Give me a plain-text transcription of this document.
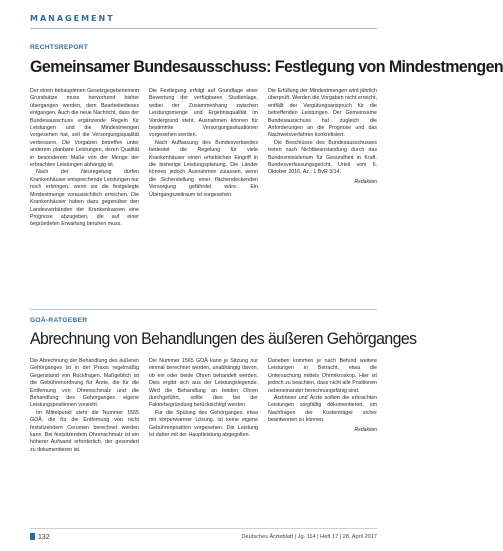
MANAGEMENT
RECHTSREPORT
Gemeinsamer Bundesausschuss: Festlegung von Mindestmengen

Der einen behauptenen Gesetzgegebeneinem Grundsätze muss hervorhend bisher übergangen werden, dem Bearbeitedieses entgangen. Auch die neue Nachricht, dass der Bundesausschuss ergänzende Regeln für Leistungen und die Mindestmengen vorgesehen hat, soll die Versorgungsqualität verbessern. Die Vorgaben betreffen unter anderem planbare Leistungen, deren Qualität in besonderem Maße von der Menge der erbrachten Leistungen abhängig ist.

Nach der Neuregelung dürfen Krankenhäuser entsprechende Leistungen nur noch erbringen, wenn sie die festgelegte Mindestmenge voraussichtlich erreichen. Die Krankenhäuser haben dazu gegenüber den Landesverbänden der Krankenkassen eine Prognose abzugeben, die auf einer begründeten Erwartung beruhen muss.

Die Festlegung erfolgt auf Grundlage einer Bewertung der verfügbaren Studienlage, wobei der Zusammenhang zwischen Leistungsmenge und Ergebnisqualität im Vordergrund steht. Ausnahmen können für bestimmte Versorgungssituationen vorgesehen werden.

Nach Auffassung des Bundesverbandes bedeutet die Regelung für viele Krankenhäuser einen erheblichen Eingriff in die bisherige Leistungsplanung. Die Länder können jedoch Ausnahmen zulassen, wenn die Sicherstellung einer flächendeckenden Versorgung gefährdet wäre. Ein Übergangszeitraum ist vorgesehen.

Die Erfüllung der Mindestmengen wird jährlich überprüft. Werden die Vorgaben nicht erreicht, entfällt der Vergütungsanspruch für die betreffenden Leistungen. Der Gemeinsame Bundesausschuss hat zugleich die Anforderungen an die Prognose und das Nachweisverfahren konkretisiert.

Die Beschlüsse des Bundesausschusses treten nach Nichtbeanstandung durch das Bundesministerium für Gesundheit in Kraft. Bundesverfassungsgericht, Urteil vom 6. Oktober 2016, Az.: 1 BvR 3/14.

Redaktion
GOÄ-RATGEBER
Abrechnung von Behandlungen des äußeren Gehörganges

Die Abrechnung der Behandlung des äußeren Gehörganges ist in der Praxis regelmäßig Gegenstand von Rückfragen. Maßgeblich ist die Gebührenordnung für Ärzte, die für die Entfernung von Ohrenschmalz und die Behandlung des Gehörganges eigene Leistungspositionen vorsieht.

Im Mittelpunkt steht die Nummer 1565 GOÄ, die für die Entfernung von nicht festsitzendem Cerumen berechnet werden kann. Bei festsitzendem Ohrenschmalz ist ein höherer Aufwand erforderlich, der gesondert zu dokumentieren ist.

Die Nummer 1565 GOÄ kann je Sitzung nur einmal berechnet werden, unabhängig davon, ob ein oder beide Ohren behandelt werden. Dies ergibt sich aus der Leistungslegende. Wird die Behandlung an beiden Ohren durchgeführt, sollte dies bei der Faktorbegründung berücksichtigt werden.

Für die Spülung des Gehörganges, etwa mit körperwarmer Lösung, ist keine eigene Gebührenposition vorgesehen. Die Leistung ist daher mit der Hauptleistung abgegolten.

Daneben kommen je nach Befund weitere Leistungen in Betracht, etwa die Untersuchung mittels Ohrmikroskop. Hier ist jedoch zu beachten, dass nicht alle Positionen nebeneinander berechnungsfähig sind.

Ärztinnen und Ärzte sollten die erbrachten Leistungen sorgfältig dokumentieren, um Nachfragen der Kostenträger sicher beantworten zu können.

Redaktion
132	Deutsches Ärzteblatt | Jg. 114 | Heft 17 | 28. April 2017
